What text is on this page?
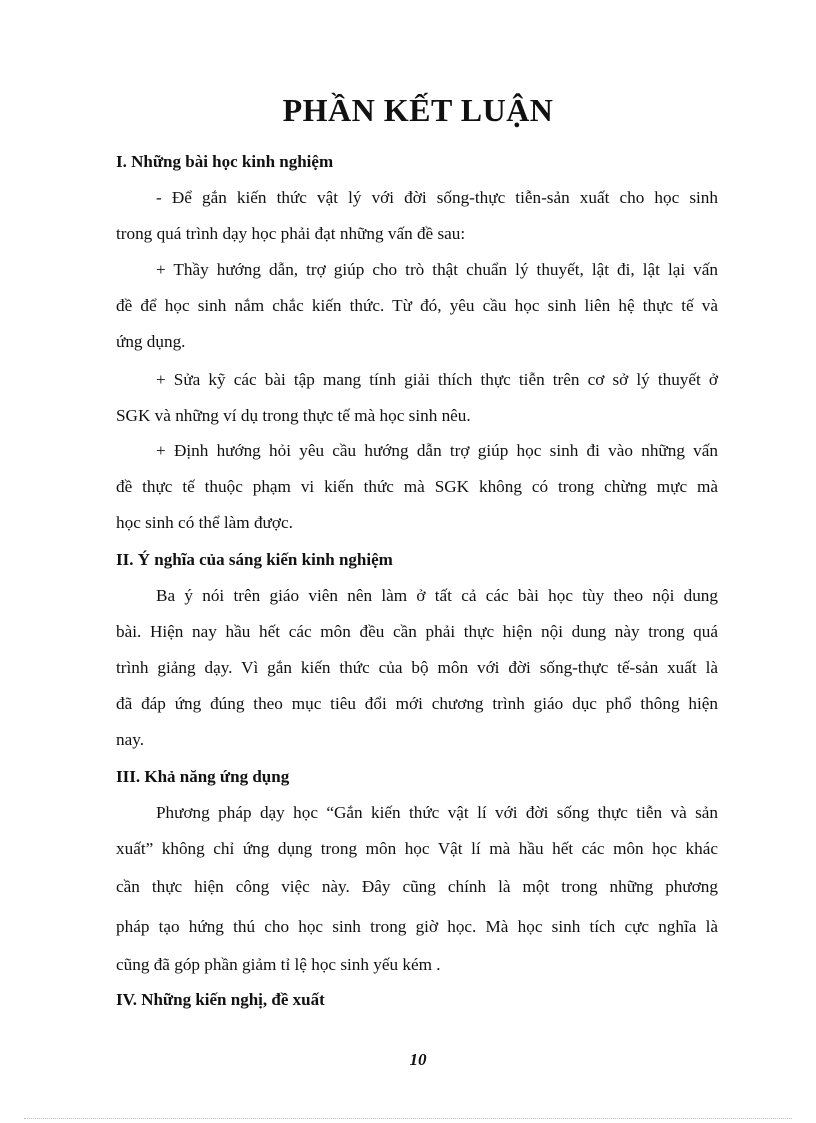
PHẦN KẾT LUẬN
I. Những bài học kinh nghiệm

- Để gắn kiến thức vật lý với đời sống-thực tiễn-sản xuất cho học sinh
trong quá trình dạy học phải đạt những vấn đề sau:

+ Thầy hướng dẫn, trợ giúp cho trò thật chuẩn lý thuyết, lật đi, lật lại vấn
đề để học sinh nắm chắc kiến thức. Từ đó, yêu cầu học sinh liên hệ thực tế và
ứng dụng.

+ Sửa kỹ các bài tập mang tính giải thích thực tiễn trên cơ sở lý thuyết ở
SGK và những ví dụ trong thực tế mà học sinh nêu.

+ Định hướng hỏi yêu cầu hướng dẫn trợ giúp học sinh đi vào những vấn
đề thực tế thuộc phạm vi kiến thức mà SGK không có trong chừng mực mà
học sinh có thể làm được.

II. Ý nghĩa của sáng kiến kinh nghiệm

Ba ý nói trên giáo viên nên làm ở tất cả các bài học tùy theo nội dung
bài. Hiện nay hầu hết các môn đều cần phải thực hiện nội dung này trong quá
trình giảng dạy. Vì gắn kiến thức của bộ môn với đời sống-thực tế-sản xuất là
đã đáp ứng đúng theo mục tiêu đổi mới chương trình giáo dục phổ thông hiện
nay.

III. Khả năng ứng dụng

Phương pháp dạy học “Gắn kiến thức vật lí với đời sống thực tiễn và sản
xuất” không chỉ ứng dụng trong môn học Vật lí mà hầu hết các môn học khác
cần thực hiện công việc này. Đây cũng chính là một trong những phương
pháp tạo hứng thú cho học sinh trong giờ học. Mà học sinh tích cực nghĩa là
cũng đã góp phần giảm tỉ lệ học sinh yếu kém .

IV. Những kiến nghị, đề xuất
10
